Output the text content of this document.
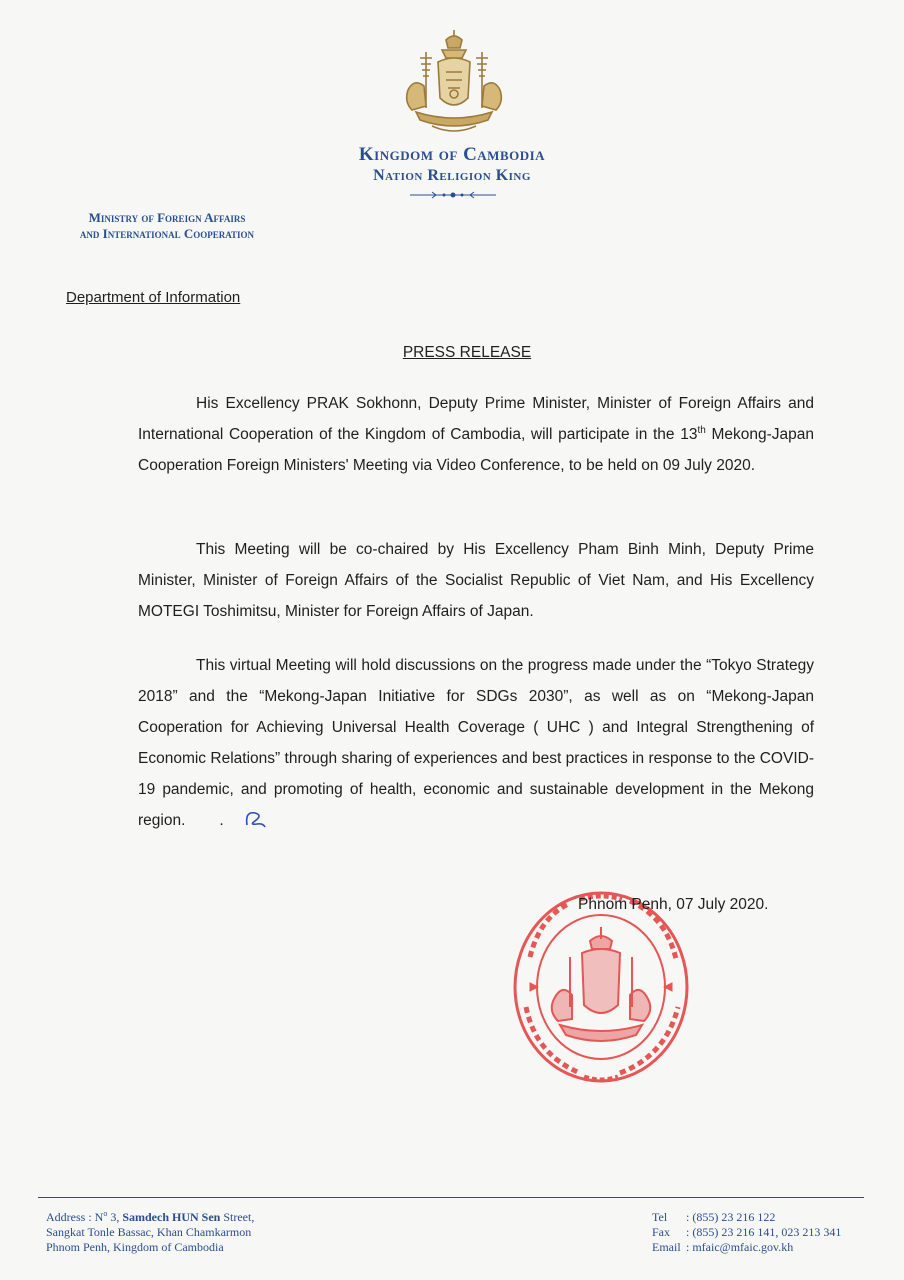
Kingdom of Cambodia
Nation Religion King
Ministry of Foreign Affairs
and International Cooperation
Department of Information
PRESS RELEASE

His Excellency PRAK Sokhonn, Deputy Prime Minister, Minister of Foreign Affairs and International Cooperation of the Kingdom of Cambodia, will participate in the 13th Mekong-Japan Cooperation Foreign Ministers' Meeting via Video Conference, to be held on 09 July 2020.

This Meeting will be co-chaired by His Excellency Pham Binh Minh, Deputy Prime Minister, Minister of Foreign Affairs of the Socialist Republic of Viet Nam, and His Excellency MOTEGI Toshimitsu, Minister for Foreign Affairs of Japan.

This virtual Meeting will hold discussions on the progress made under the “Tokyo Strategy 2018” and the “Mekong-Japan Initiative for SDGs 2030”, as well as on “Mekong-Japan Cooperation for Achieving Universal Health Coverage ( UHC ) and Integral Strengthening of Economic Relations” through sharing of experiences and best practices in response to the COVID-19 pandemic, and promoting of health, economic and sustainable development in the Mekong region. .

Phnom Penh, 07 July 2020.
Address : $N^o$ 3, Samdech HUN Sen Street,
Sangkat Tonle Bassac, Khan Chamkarmon
Phnom Penh, Kingdom of Cambodia
Tel	: (855) 23 216 122
Fax	: (855) 23 216 141, 023 213 341
Email : mfaic@mfaic.gov.kh
